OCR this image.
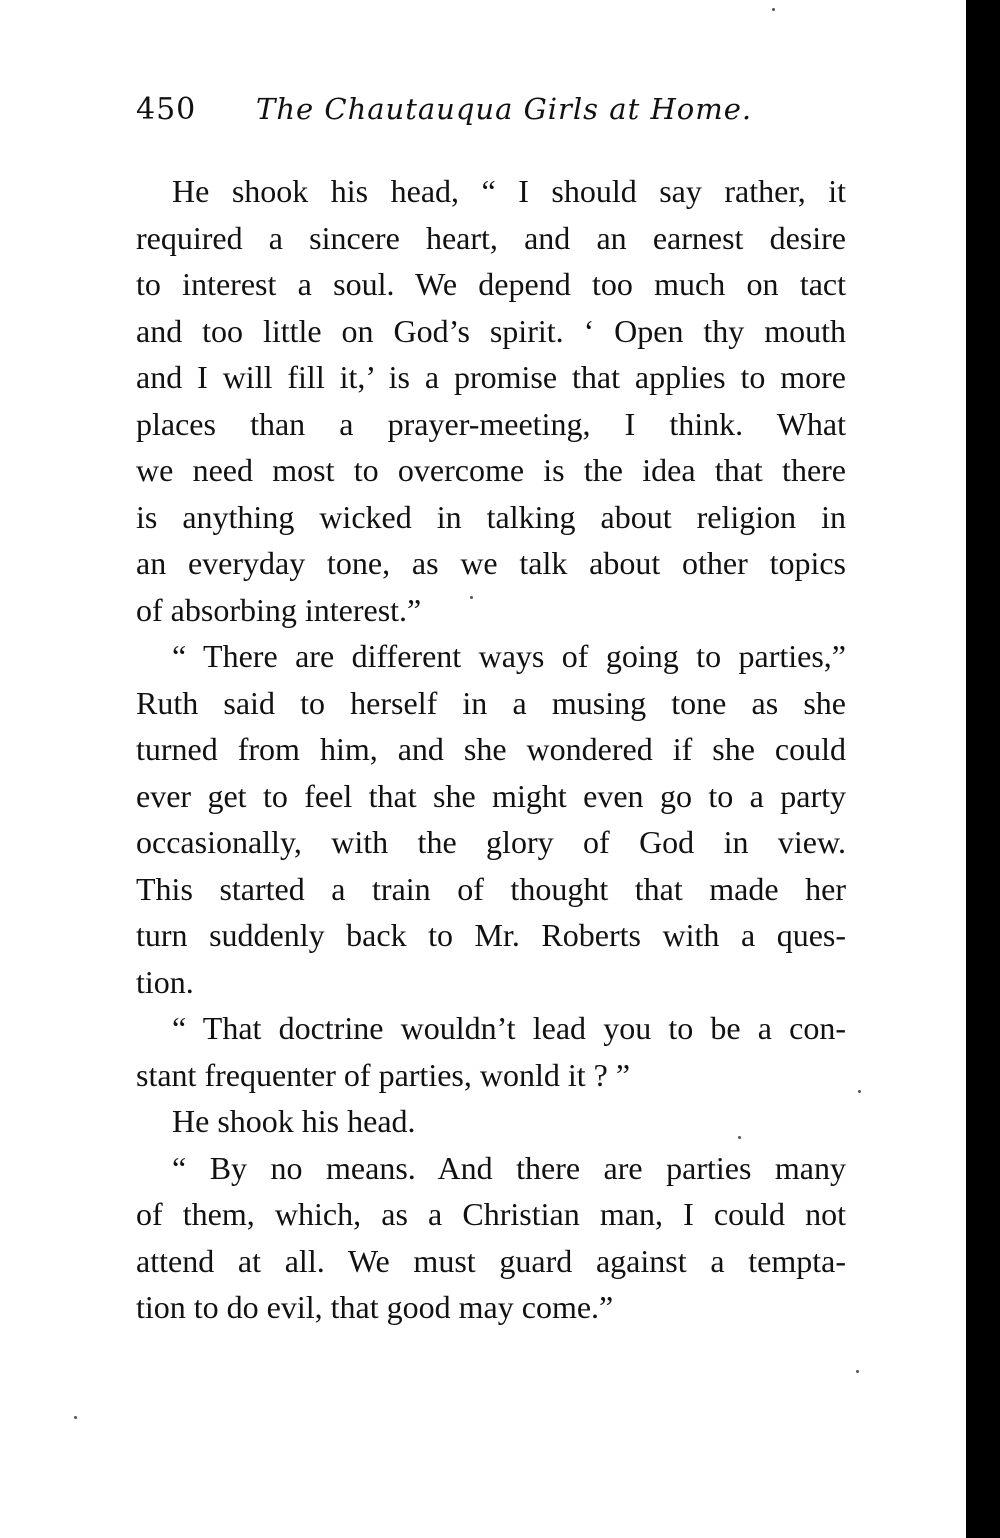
450 The Chautauqua Girls at Home.
He shook his head, “ I should say rather, it
required a sincere heart, and an earnest desire
to interest a soul. We depend too much on tact
and too little on God’s spirit. ‘ Open thy mouth
and I will fill it,’ is a promise that applies to more
places than a prayer-meeting, I think. What
we need most to overcome is the idea that there
is anything wicked in talking about religion in
an everyday tone, as we talk about other topics
of absorbing interest.”
“ There are different ways of going to parties,”
Ruth said to herself in a musing tone as she
turned from him, and she wondered if she could
ever get to feel that she might even go to a party
occasionally, with the glory of God in view.
This started a train of thought that made her
turn suddenly back to Mr. Roberts with a ques-
tion.
“ That doctrine wouldn’t lead you to be a con-
stant frequenter of parties, wonld it ? ”
He shook his head.
“ By no means. And there are parties many
of them, which, as a Christian man, I could not
attend at all. We must guard against a tempta-
tion to do evil, that good may come.”
